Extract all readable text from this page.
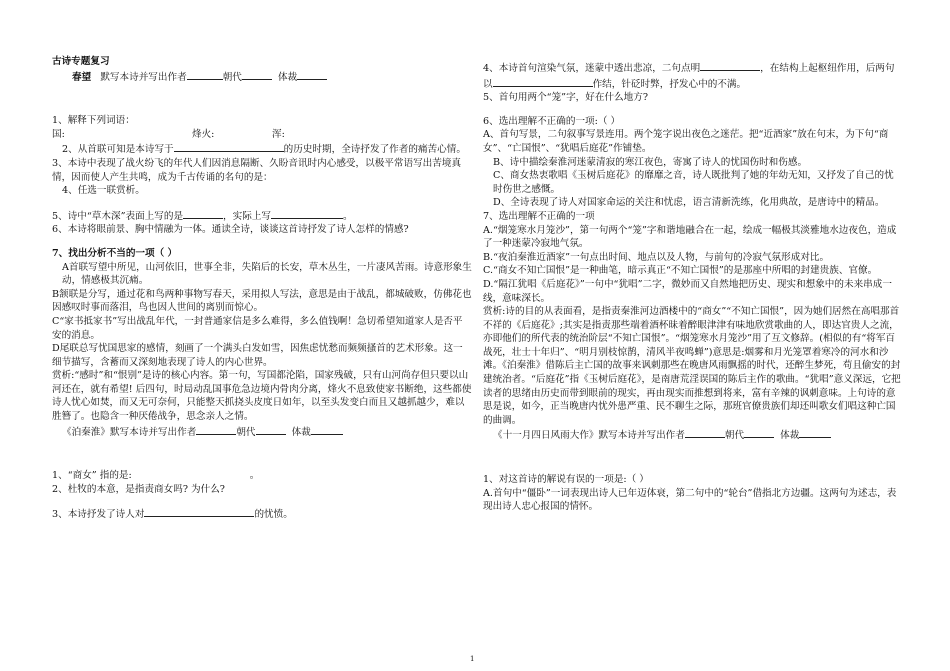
古诗专题复习

春望 默写本诗并写出作者	朝代	体裁

1、解释下列词语：

国:	烽火:	浑:

2、从首联可知是本诗写于	的历史时期，全诗抒发了作者的痛苦心情。

3、本诗中表现了战火纷飞的年代人们因消息隔断、久盼音讯时内心感受，以极平常语写出苦境真情，因而使人产生共鸣，成为千古传诵的名句的是：

4、任选一联赏析。

5、诗中“草木深”表面上写的是	，实际上写	。

6、本诗将眼前景、胸中情融为一体。通读全诗，谈谈这首诗抒发了诗人怎样的情感?

7、找出分析不当的一项（ ）

A首联写望中所见，山河依旧，世事全非，失陷后的长安，草木丛生，一片凄风苦雨。诗意形象生动，情感极其沉痛。

B颔联是分写，通过花和鸟两种事物写春天，采用拟人写法，意思是由于战乱，都城破败，仿佛花也因感叹时事而落泪，鸟也因人世间的离别而惊心。

C“家书抵家书”写出战乱年代，一封普通家信是多么难得，多么值钱啊！急切希望知道家人是否平安的消息。

D尾联总写忧国思家的感情，刻画了一个满头白发如雪，因焦虑忧愁而频频搔首的艺术形象。这一细节描写，含蓄而又深刻地表现了诗人的内心世界。

赏析:“感时”和“恨别”是诗的核心内容。第一句，写国都沦陷，国家残破，只有山河尚存但只要以山河还在，就有希望! 后四句，时局动乱国事危急边境内骨肉分离，烽火不息致使家书断绝，这些都使诗人忧心如焚，而又无可奈何，只能整天抓挠头皮度日如年，以至头发变白而且又越抓越少，难以胜簪了。也隐含一种厌倦战争，思念亲人之情。

《泊秦淮》默写本诗并写出作者	朝代	体裁

1、“商女” 指的是:	。

2、杜牧的本意，是指责商女吗? 为什么?

3、本诗抒发了诗人对	的忧愤。

4、本诗首句渲染气氛，迷蒙中透出悲凉，二句点明	，在结构上起枢纽作用，后两句以	作结，针砭时弊，抒发心中的不满。

5、首句用两个“笼”字，好在什么地方?

6、选出理解不正确的一项:（ ）

A、首句写景，二句叙事写景连用。两个笼字说出夜色之迷茫。把“近酒家”放在句末，为下句“商女”、“亡国恨”、“犹唱后庭花”作铺垫。

B、诗中描绘秦淮河迷蒙清寂的寒江夜色，寄寓了诗人的忧国伤时和伤感。

C、商女热衷歌唱《玉树后庭花》的靡靡之音，诗人既批判了她的年幼无知，又抒发了自己的忧时伤世之感慨。

D、全诗表现了诗人对国家命运的关注和忧虑，语言清新洗练，化用典故，是唐诗中的精品。

7、选出理解不正确的一项

A.“烟笼寒水月笼沙”，第一句两个“笼”字和谐地融合在一起，绘成一幅极其淡雅地水边夜色，造成了一种迷蒙冷寂地气氛。

B.“夜泊秦淮近酒家”一句点出时间、地点以及人物，与前句的冷寂气氛形成对比。

C.“商女不知亡国恨”是一种曲笔，暗示真正“不知亡国恨”的是那座中所唱的封建贵族、官僚。

D.“隔江犹唱《后庭花》”一句中“犹唱”二字，微妙而又自然地把历史、现实和想象中的未来串成一线，意味深长。

赏析:诗的目的从表面看，是指责秦淮河边酒楼中的“商女”“不知亡国恨”，因为她们居然在高唱那首不祥的《后庭花》;其实是指责那些端着酒杯昧着醉眼津津有味地欣赏歌曲的人，即达官贵人之流，亦即他们的所代表的统治阶层“不知亡国恨”。“烟笼寒水月笼沙”用了互文修辞。(相似的有“将军百战死，壮士十年归”、“明月别枝惊鹊，清风半夜鸣蝉”)意思是:烟雾和月光笼罩着寒冷的河水和沙滩。《泊秦淮》借陈后主亡国的故事来讽刺那些在晚唐风雨飘摇的时代，还醉生梦死，苟且偷安的封建统治者。“后庭花”指《玉树后庭花》，是南唐荒淫误国的陈后主作的歌曲。“犹唱”意义深远，它把读者的思绪由历史而带到眼前的现实，再由现实而推想到将来，富有辛辣的讽刺意味。上句诗的意思是说，如今，正当晚唐内忧外患严重、民不聊生之际，那班官僚贵族们却还叫歌女们唱这种亡国的曲调。

《十一月四日风雨大作》默写本诗并写出作者	朝代	体裁

1、对这首诗的解说有误的一项是:（ ）

A.首句中“僵卧”一词表现出诗人已年迈体衰，第二句中的“轮台”借指北方边疆。这两句为述志，表现出诗人忠心报国的情怀。

1
